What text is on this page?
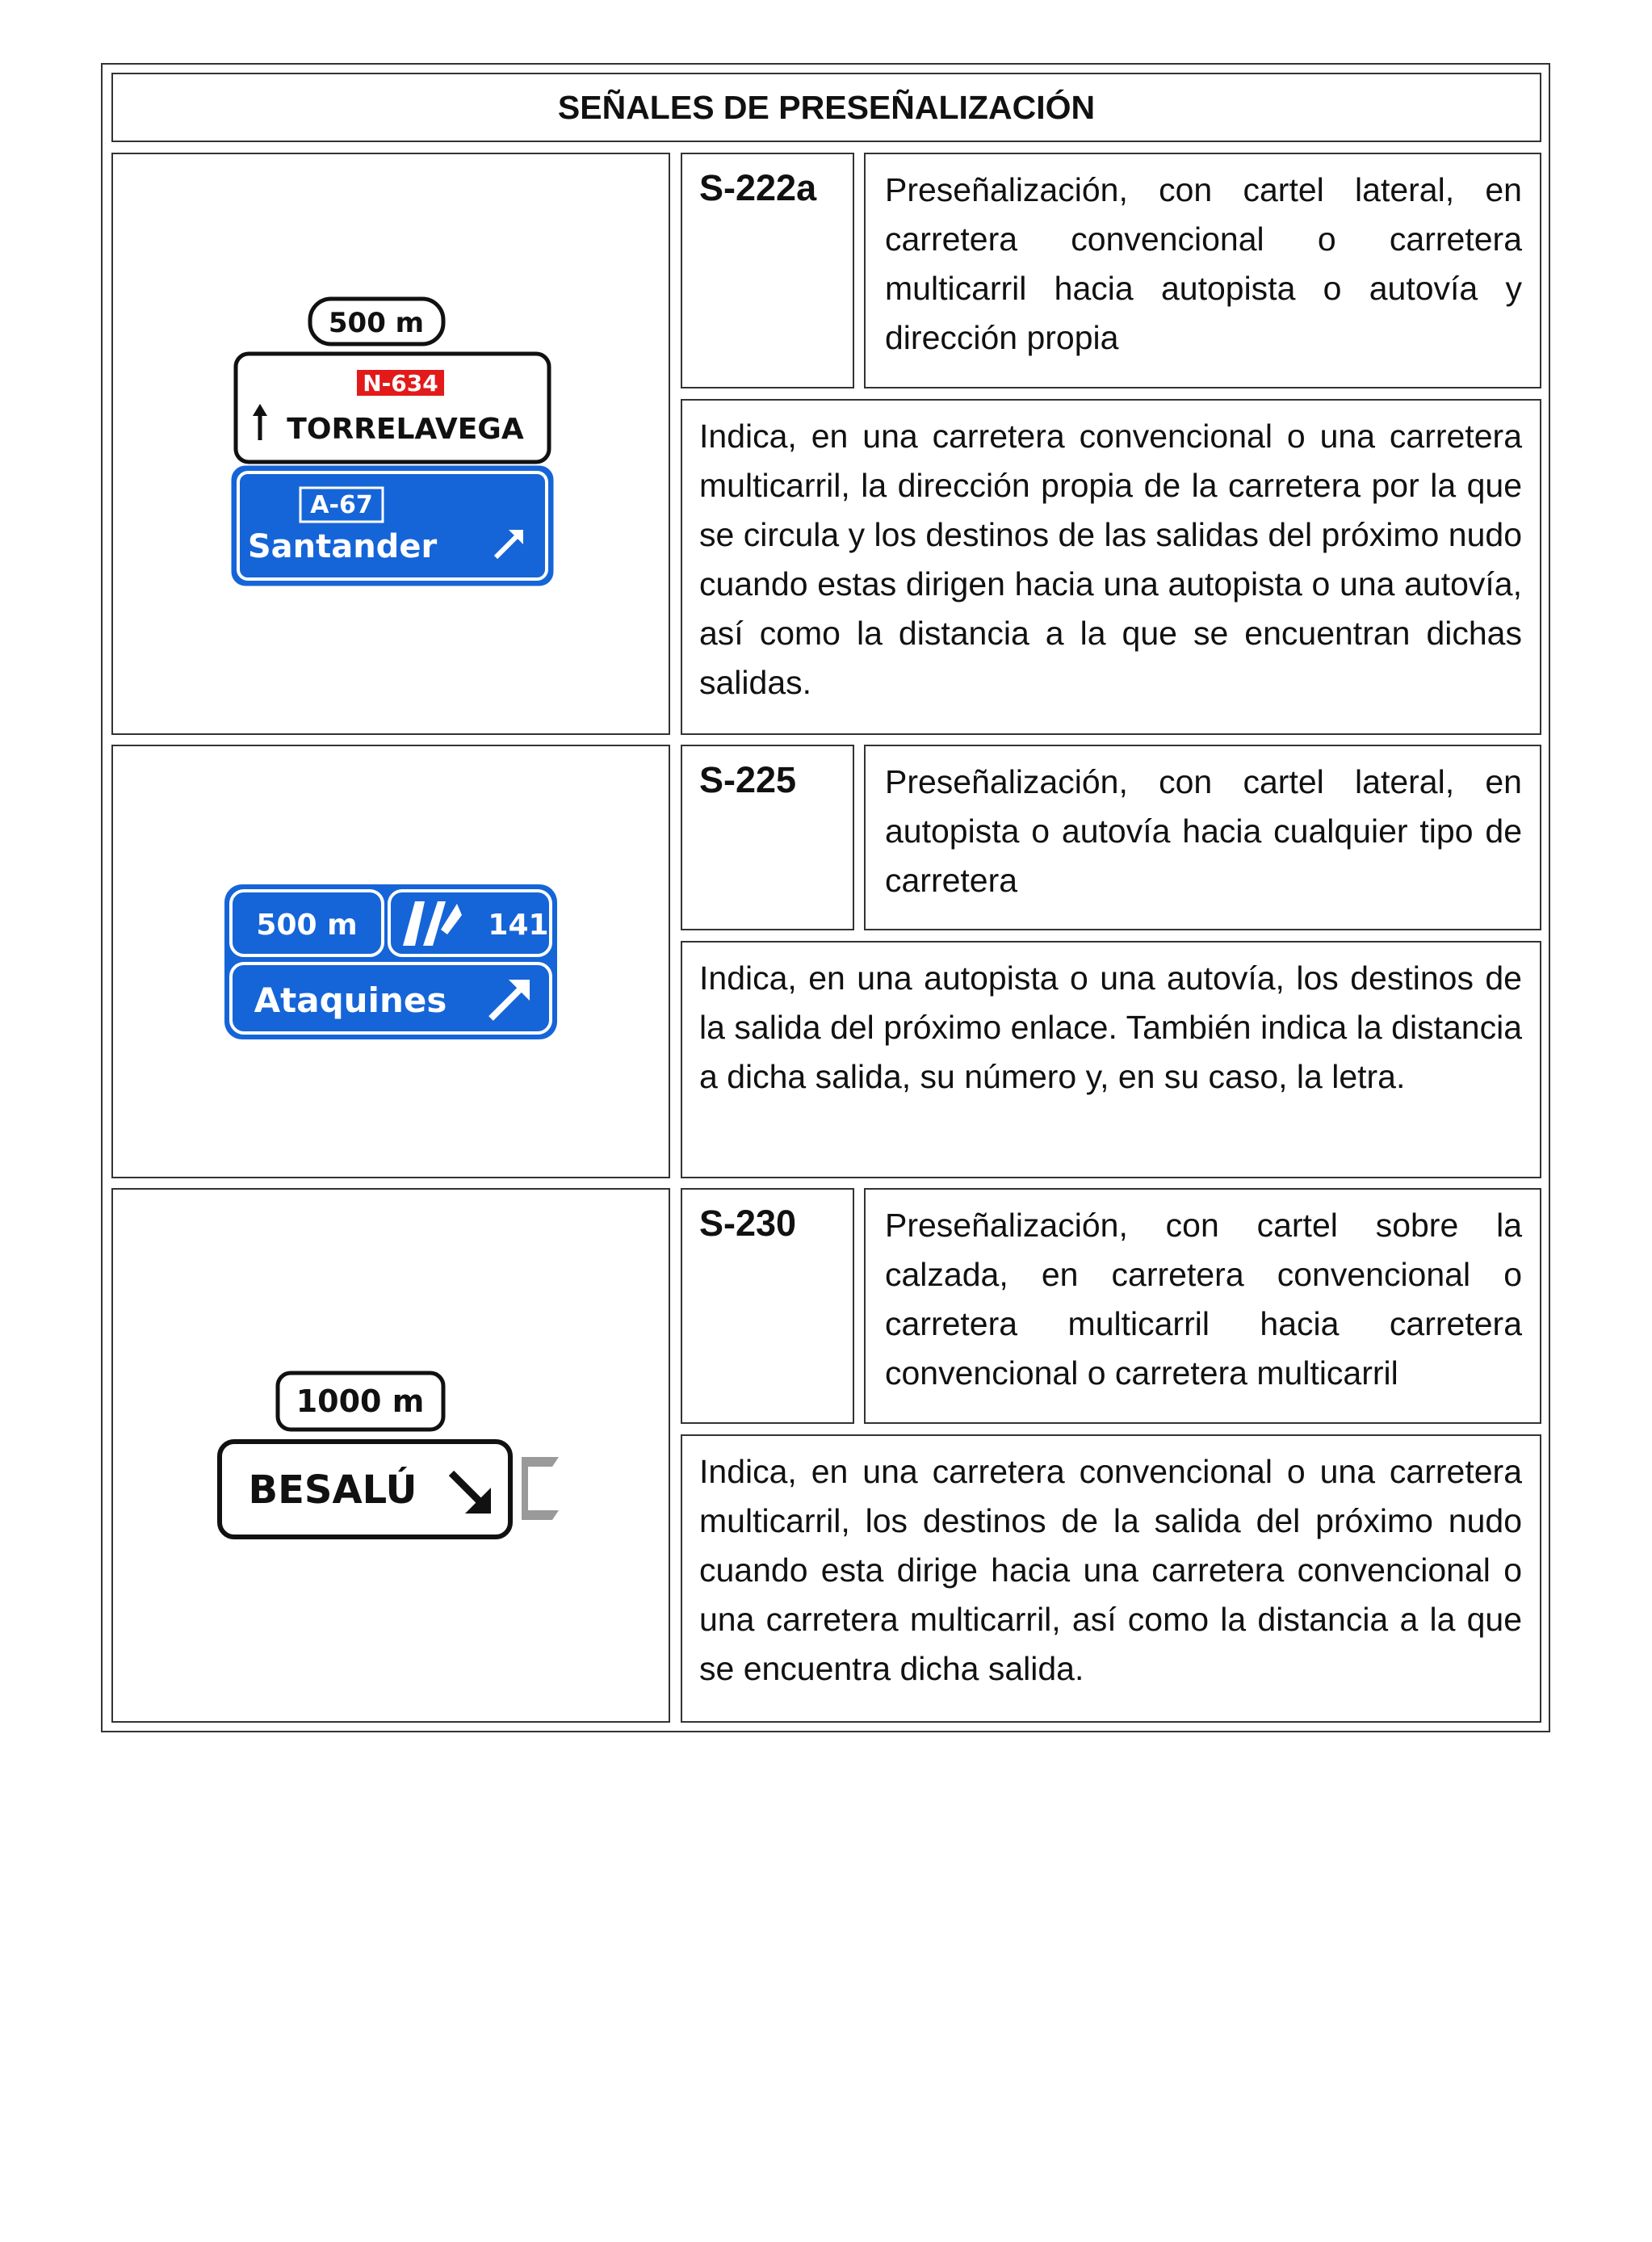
SEÑALES DE PRESEÑALIZACIÓN
500 m
N-634
TORRELAVEGA
A-67
Santander
S-222a	Preseñalización, con cartel lateral, en carretera convencional o carretera multicarril hacia autopista o autovía y dirección propia
Indica, en una carretera convencional o una carretera multicarril, la dirección propia de la carretera por la que se circula y los destinos de las salidas del próximo nudo cuando estas dirigen hacia una autopista o una autovía, así como la distancia a la que se encuentran dichas salidas.
500 m	141
Ataquines
S-225	Preseñalización, con cartel lateral, en autopista o autovía hacia cualquier tipo de carretera
Indica, en una autopista o una autovía, los destinos de la salida del próximo enlace. También indica la distancia a dicha salida, su número y, en su caso, la letra.
1000 m
BESALÚ
S-230	Preseñalización, con cartel sobre la calzada, en carretera convencional o carretera multicarril hacia carretera convencional o carretera multicarril
Indica, en una carretera convencional o una carretera multicarril, los destinos de la salida del próximo nudo cuando esta dirige hacia una carretera convencional o una carretera multicarril, así como la distancia a la que se encuentra dicha salida.
